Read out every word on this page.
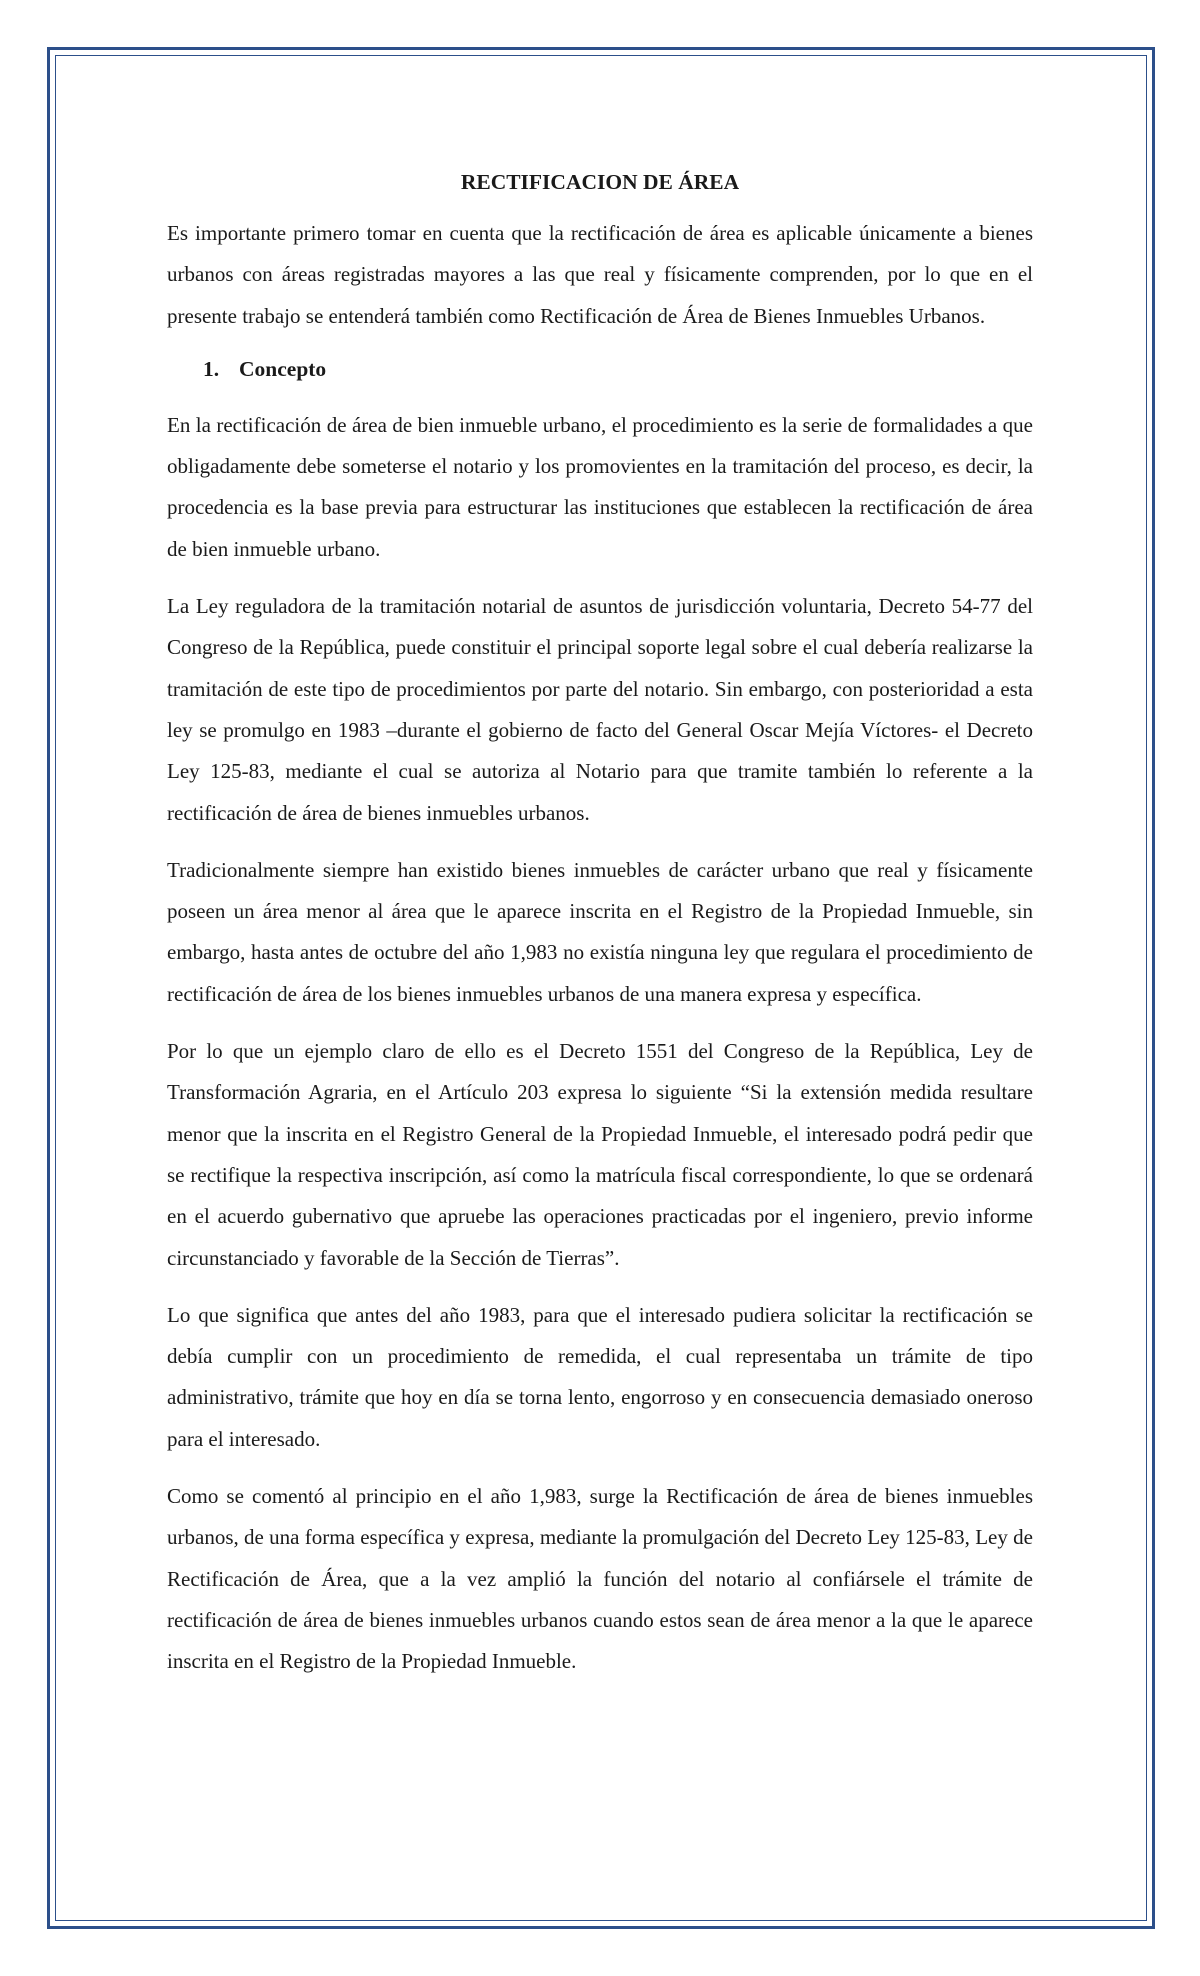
RECTIFICACION DE ÁREA

Es importante primero tomar en cuenta que la rectificación de área es aplicable únicamente a bienes urbanos con áreas registradas mayores a las que real y físicamente comprenden, por lo que en el presente trabajo se entenderá también como Rectificación de Área de Bienes Inmuebles Urbanos.

1. Concepto

En la rectificación de área de bien inmueble urbano, el procedimiento es la serie de formalidades a que obligadamente debe someterse el notario y los promovientes en la tramitación del proceso, es decir, la procedencia es la base previa para estructurar las instituciones que establecen la rectificación de área de bien inmueble urbano.

La Ley reguladora de la tramitación notarial de asuntos de jurisdicción voluntaria, Decreto 54-77 del Congreso de la República, puede constituir el principal soporte legal sobre el cual debería realizarse la tramitación de este tipo de procedimientos por parte del notario. Sin embargo, con posterioridad a esta ley se promulgo en 1983 –durante el gobierno de facto del General Oscar Mejía Víctores- el Decreto Ley 125-83, mediante el cual se autoriza al Notario para que tramite también lo referente a la rectificación de área de bienes inmuebles urbanos.

Tradicionalmente siempre han existido bienes inmuebles de carácter urbano que real y físicamente poseen un área menor al área que le aparece inscrita en el Registro de la Propiedad Inmueble, sin embargo, hasta antes de octubre del año 1,983 no existía ninguna ley que regulara el procedimiento de rectificación de área de los bienes inmuebles urbanos de una manera expresa y específica.

Por lo que un ejemplo claro de ello es el Decreto 1551 del Congreso de la República, Ley de Transformación Agraria, en el Artículo 203 expresa lo siguiente “Si la extensión medida resultare menor que la inscrita en el Registro General de la Propiedad Inmueble, el interesado podrá pedir que se rectifique la respectiva inscripción, así como la matrícula fiscal correspondiente, lo que se ordenará en el acuerdo gubernativo que apruebe las operaciones practicadas por el ingeniero, previo informe circunstanciado y favorable de la Sección de Tierras”.

Lo que significa que antes del año 1983, para que el interesado pudiera solicitar la rectificación se debía cumplir con un procedimiento de remedida, el cual representaba un trámite de tipo administrativo, trámite que hoy en día se torna lento, engorroso y en consecuencia demasiado oneroso para el interesado.

Como se comentó al principio en el año 1,983, surge la Rectificación de área de bienes inmuebles urbanos, de una forma específica y expresa, mediante la promulgación del Decreto Ley 125-83, Ley de Rectificación de Área, que a la vez amplió la función del notario al confiársele el trámite de rectificación de área de bienes inmuebles urbanos cuando estos sean de área menor a la que le aparece inscrita en el Registro de la Propiedad Inmueble.
